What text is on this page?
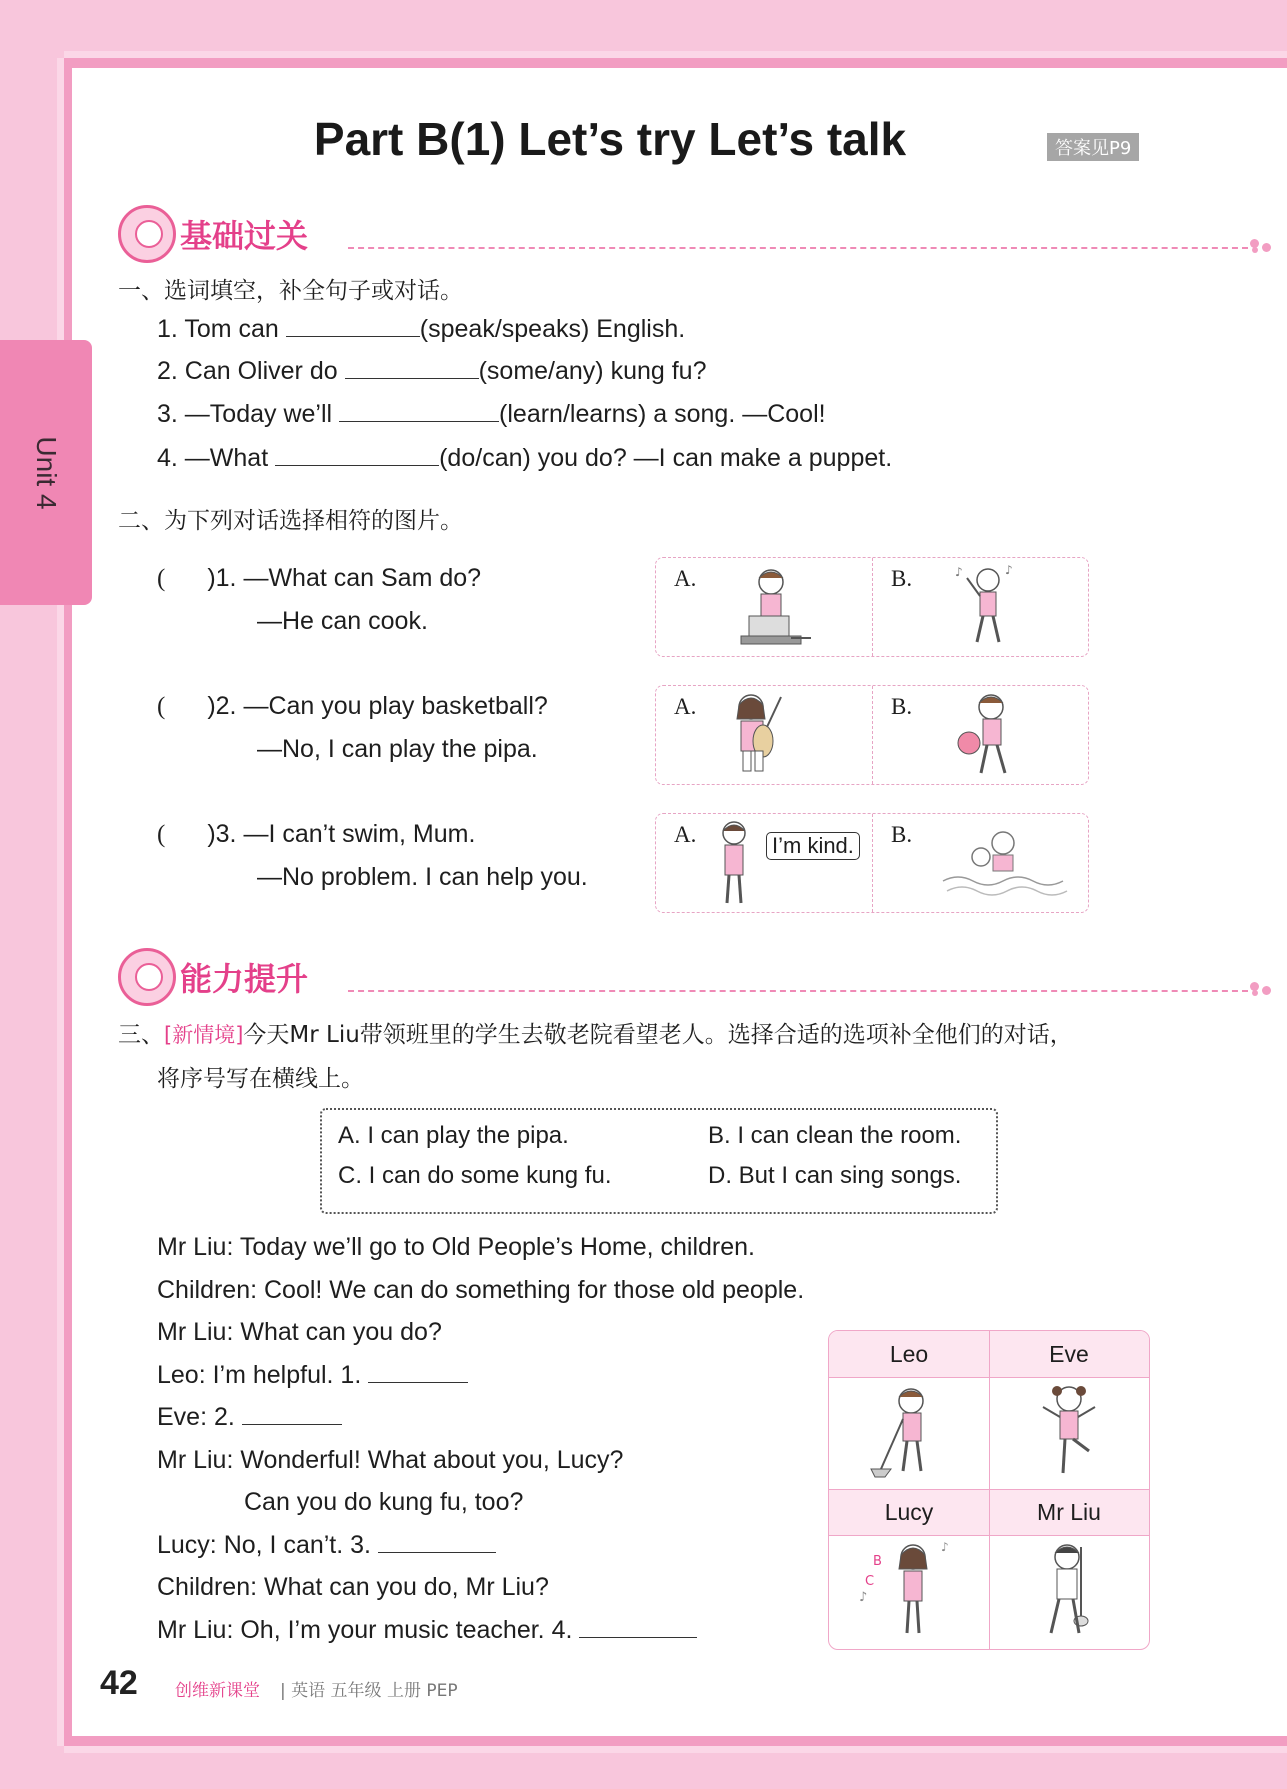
Unit 4
Part B(1) Let’s try Let’s talk	答案见P9
基础过关
一、选词填空，补全句子或对话。
1. Tom can	(speak/speaks) English.
2. Can Oliver do	(some/any) kung fu?
3. —Today we’ll	(learn/learns) a song. —Cool!
4. —What	(do/can) you do? —I can make a puppet.
二、为下列对话选择相符的图片。
( )1. —What can Sam do?
—He can cook.
A.	B.	♪	♪
( )2. —Can you play basketball?
—No, I can play the pipa.
A.	B.
( )3. —I can’t swim, Mum.
—No problem. I can help you.
A.	I’m kind. B.
能力提升
三、[新情境]今天Mr Liu带领班里的学生去敬老院看望老人。选择合适的选项补全他们的对话，
将序号写在横线上。
A. I can play the pipa.	B. I can clean the room.
C. I can do some kung fu.	D. But I can sing songs.
Mr Liu: Today we’ll go to Old People’s Home, children.
Children: Cool! We can do something for those old people.
Mr Liu: What can you do?
Leo: I’m helpful. 1.
Eve: 2.
Mr Liu: Wonderful! What about you, Lucy?
Can you do kung fu, too?
Lucy: No, I can’t. 3.
Children: What can you do, Mr Liu?
Mr Liu: Oh, I’m your music teacher. 4.
Leo	Eve
Lucy	Mr Liu
B
C
♪
♪
42 创维新课堂 | 英语 五年级 上册 PEP
